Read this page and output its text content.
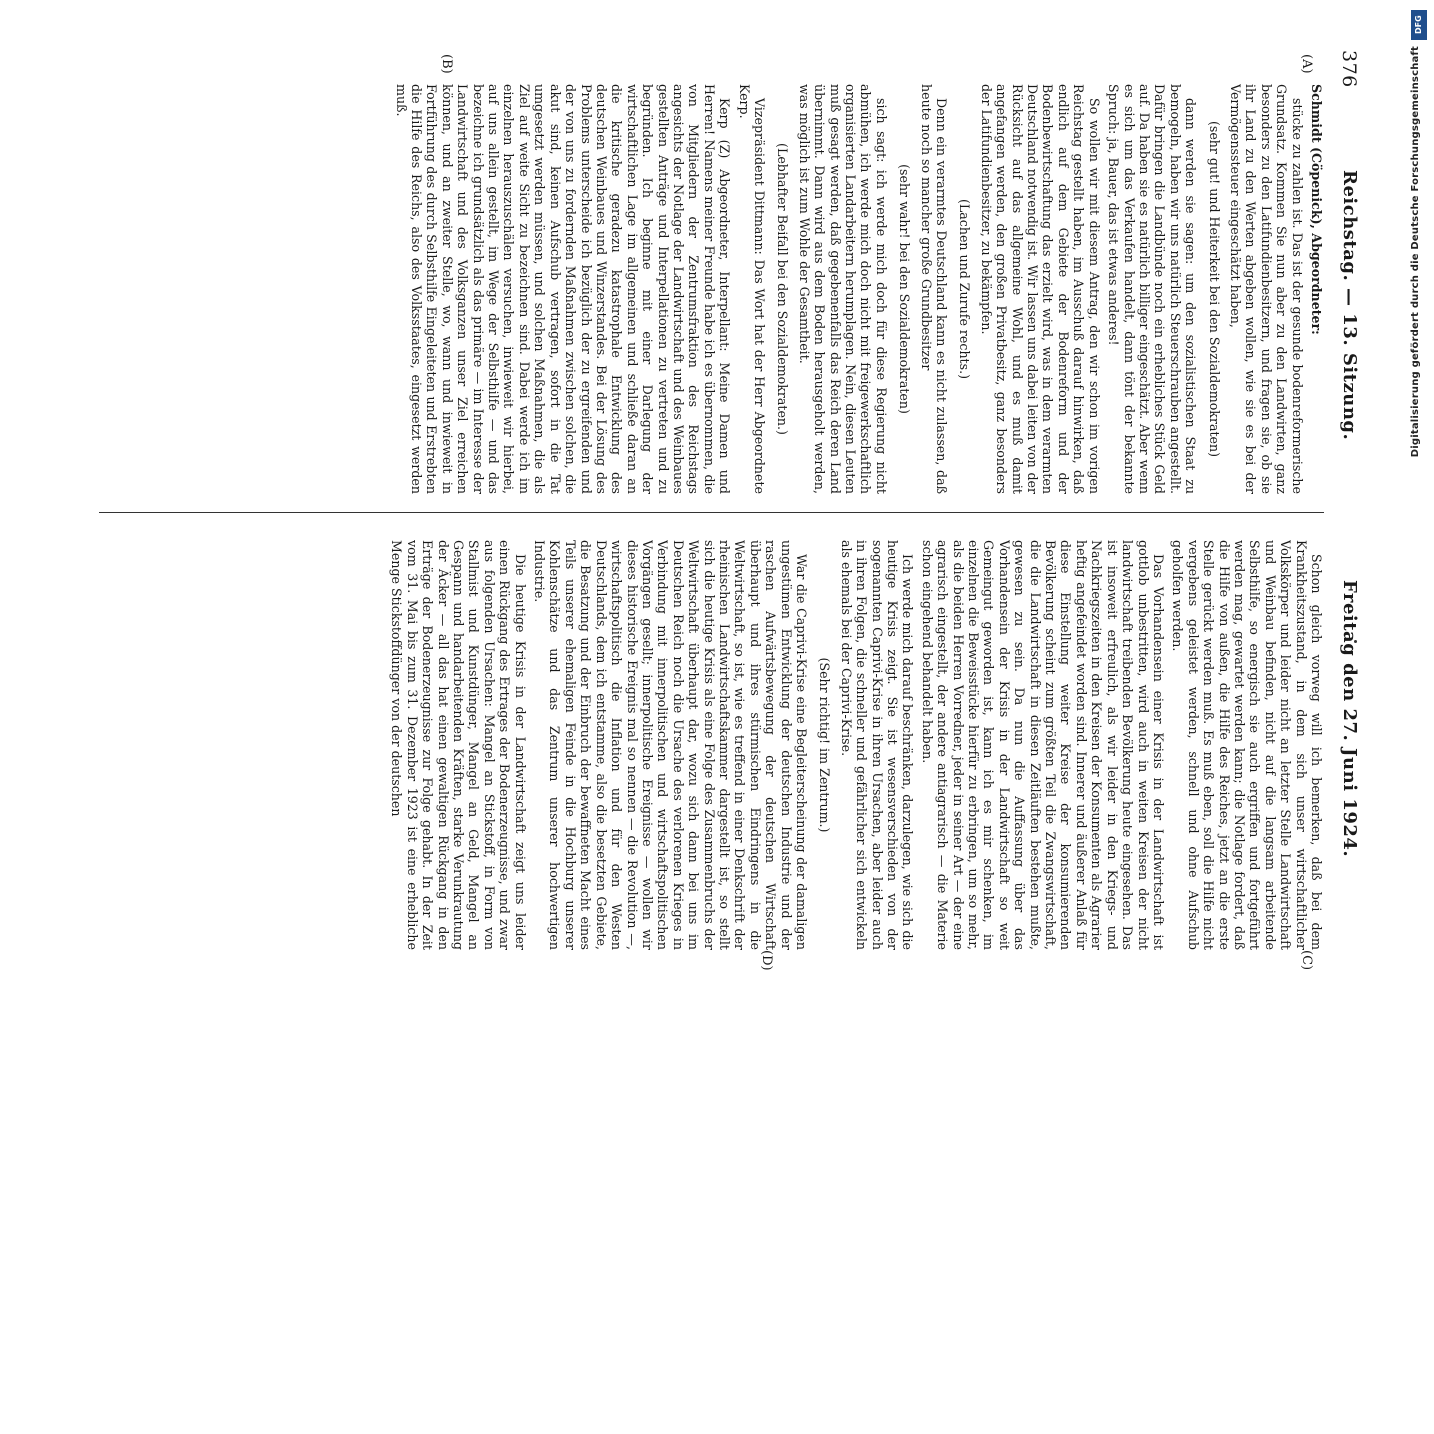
376
Reichstag. — 13. Sitzung.
Freitag den 27. Juni 1924.
(A)
(B)
(C)
(D)

Schmidt (Cöpenick), Abgeordneter:

stücke zu zahlen ist. Das ist der gesunde bodenreformerische Grundsatz. Kommen Sie nun aber zu den Landwirten, ganz besonders zu den Latifundienbesitzern, und fragen sie, ob sie ihr Land zu den Werten abgeben wollen, wie sie es bei der Vermögenssteuer eingeschätzt haben,

(sehr gut! und Heiterkeit bei den Sozialdemokraten)

dann werden sie sagen: um den sozialistischen Staat zu bemogeln, haben wir uns natürlich Steuerschrauben angestellt. Dafür bringen die Landbünde noch ein erhebliches Stück Geld auf. Da haben sie es natürlich billiger eingeschätzt. Aber wenn es sich um das Verkaufen handelt, dann tönt der bekannte Spruch: ja, Bauer, das ist etwas anderes!

So wollen wir mit diesem Antrag, den wir schon im vorigen Reichstag gestellt haben, im Ausschuß darauf hinwirken, daß endlich auf dem Gebiete der Bodenreform und der Bodenbewirtschaftung das erzielt wird, was in dem verarmten Deutschland notwendig ist. Wir lassen uns dabei leiten von der Rücksicht auf das allgemeine Wohl, und es muß damit angefangen werden, den großen Privatbesitz, ganz besonders der Latifundienbesitzer, zu bekämpfen.

(Lachen und Zurufe rechts.)

Denn ein verarmtes Deutschland kann es nicht zulassen, daß heute noch so mancher große Grundbesitzer

(sehr wahr! bei den Sozialdemokraten)

sich sagt: ich werde mich doch für diese Regierung nicht abmühen, ich werde mich doch nicht mit freigewerkschaftlich organisierten Landarbeitern herumplagen. Nein, diesen Leuten muß gesagt werden, daß gegebenenfalls das Reich deren Land übernimmt. Dann wird aus dem Boden herausgeholt werden, was möglich ist zum Wohle der Gesamtheit.

(Lebhafter Beifall bei den Sozialdemokraten.)

Vizepräsident Dittmann: Das Wort hat der Herr Abgeordnete Kerp.

Kerp (Z) Abgeordneter, Interpellant: Meine Damen und Herren! Namens meiner Freunde habe ich es übernommen, die von Mitgliedern der Zentrumsfraktion des Reichstags angesichts der Notlage der Landwirtschaft und des Weinbaues gestellten Anträge und Interpellationen zu vertreten und zu begründen. Ich beginne mit einer Darlegung der wirtschaftlichen Lage im allgemeinen und schließe daran an die kritische geradezu katastrophale Entwicklung des deutschen Weinbaues und Winzerstandes. Bei der Lösung des Problems unterscheide ich bezüglich der zu ergreifenden und der von uns zu fordernden Maßnahmen zwischen solchen, die akut sind, keinen Aufschub vertragen, sofort in die Tat umgesetzt werden müssen, und solchen Maßnahmen, die als Ziel auf weite Sicht zu bezeichnen sind. Dabei werde ich im einzelnen herauszuschälen versuchen, inwieweit wir hierbei, auf uns allein gestellt, im Wege der Selbsthilfe — und das bezeichne ich grundsätzlich als das primäre — im Interesse der Landwirtschaft und des Volksganzen unser Ziel erreichen können, und an zweiter Stelle, wo, wann und inwieweit in Fortführung des durch Selbsthilfe Eingeleiteten und Erstrebten die Hilfe des Reichs, also des Volksstaates, eingesetzt werden muß.

Schon gleich vorweg will ich bemerken, daß bei dem Krankheitszustand, in dem sich unser wirtschaftlicher Volkskörper und leider nicht an letzter Stelle Landwirtschaft und Weinbau befinden, nicht auf die langsam arbeitende Selbsthilfe, so energisch sie auch ergriffen und fortgeführt werden mag, gewartet werden kann; die Notlage fordert, daß die Hilfe von außen, die Hilfe des Reiches, jetzt an die erste Stelle gerückt werden muß. Es muß eben, soll die Hilfe nicht vergebens geleistet werden, schnell und ohne Aufschub geholfen werden.

Das Vorhandensein einer Krisis in der Landwirtschaft ist gottlob unbestritten, wird auch in weiten Kreisen der nicht landwirtschaft treibenden Bevölkerung heute eingesehen. Das ist insoweit erfreulich, als wir leider in den Kriegs- und Nachkriegszeiten in den Kreisen der Konsumenten als Agrarier heftig angefeindet worden sind. Innerer und äußerer Anlaß für diese Einstellung weiter Kreise der konsumierenden Bevölkerung scheint zum größten Teil die Zwangswirtschaft, die die Landwirtschaft in diesen Zeitläuften bestehen mußte, gewesen zu sein. Da nun die Auffassung über das Vorhandensein der Krisis in der Landwirtschaft so weit Gemeingut geworden ist, kann ich es mir schenken, im einzelnen die Beweisstücke hierfür zu erbringen, um so mehr, als die beiden Herren Vorredner, jeder in seiner Art — der eine agrarisch eingestellt, der andere antiagrarisch — die Materie schon eingehend behandelt haben.

Ich werde mich darauf beschränken, darzulegen, wie sich die heutige Krisis zeigt. Sie ist wesensverschieden von der sogenannten Caprivi-Krise in ihren Ursachen, aber leider auch in ihren Folgen, die schneller und gefährlicher sich entwickeln als ehemals bei der Caprivi-Krise.

(Sehr richtig! im Zentrum.)

War die Caprivi-Krise eine Begleiterscheinung der damaligen ungestümen Entwicklung der deutschen Industrie und der raschen Aufwärtsbewegung der deutschen Wirtschaft überhaupt und ihres stürmischen Eindringens in die Weltwirtschaft, so ist, wie es treffend in einer Denkschrift der rheinischen Landwirtschaftskammer dargestellt ist, so stellt sich die heutige Krisis als eine Folge des Zusammenbruchs der Weltwirtschaft überhaupt dar, wozu sich dann bei uns im Deutschen Reich noch die Ursache des verlorenen Krieges in Verbindung mit innerpolitischen und wirtschaftspolitischen Vorgängen gesellt; innerpolitische Ereignisse — wollen wir dieses historische Ereignis mal so nennen — die Revolution —, wirtschaftspolitisch die Inflation und für den Westen Deutschlands, dem ich entstamme, also die besetzten Gebiete, die Besatzung und der Einbruch der bewaffneten Macht eines Teils unserer ehemaligen Feinde in die Hochburg unserer Kohlenschätze und das Zentrum unserer hochwertigen Industrie.

Die heutige Krisis in der Landwirtschaft zeigt uns leider einen Rückgang des Ertrages der Bodenerzeugnisse, und zwar aus folgenden Ursachen: Mangel an Stickstoff, in Form von Stallmist und Kunstdünger, Mangel an Geld, Mangel an Gespann und handarbeitenden Kräften, starke Verunkrautung der Äcker — all das hat einen gewaltigen Rückgang in den Erträge der Bodenerzeugnisse zur Folge gehabt. In der Zeit vom 31. Mai bis zum 31. Dezember 1923 ist eine erhebliche Menge Stickstoffdünger von der deutschen

DFG
Digitalisierung gefördert durch die Deutsche Forschungsgemeinschaft
